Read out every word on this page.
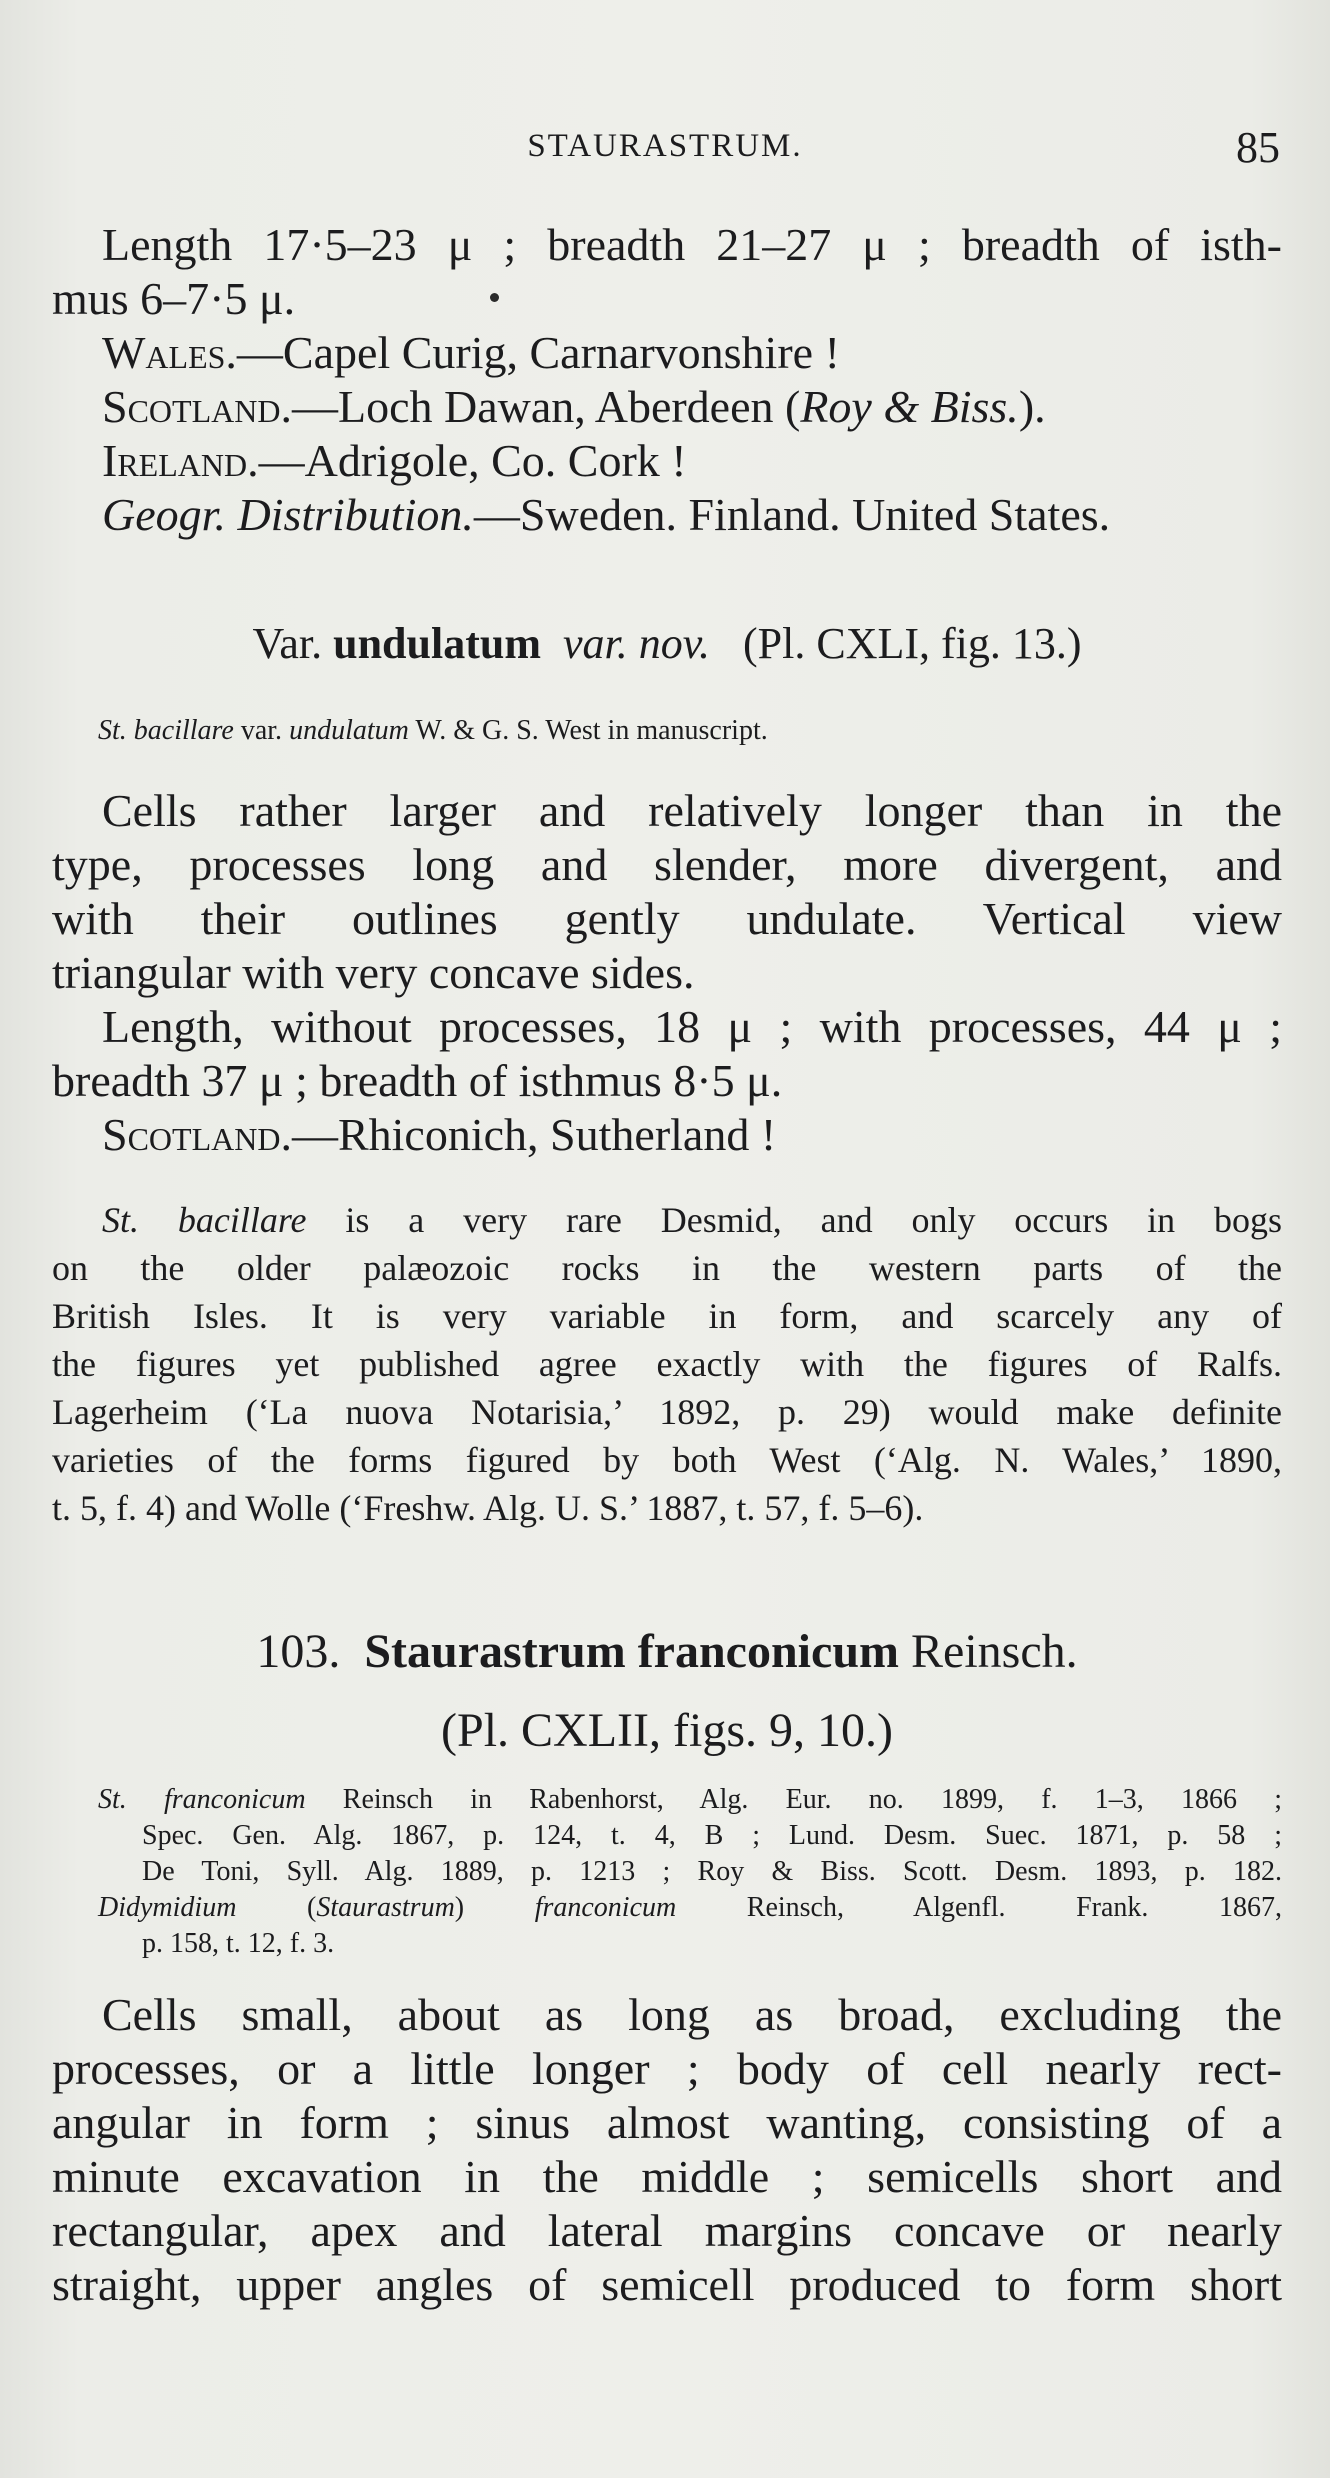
STAURASTRUM.	85
Length 17·5–23 μ ; breadth 21–27 μ ; breadth of isth-
mus 6–7·5 μ.
Wales.—Capel Curig, Carnarvonshire !
Scotland.—Loch Dawan, Aberdeen (Roy & Biss.).
Ireland.—Adrigole, Co. Cork !
Geogr. Distribution.—Sweden. Finland. United States.
Var. undulatum var. nov. (Pl. CXLI, fig. 13.)
St. bacillare var. undulatum W. & G. S. West in manuscript.
Cells rather larger and relatively longer than in the
type, processes long and slender, more divergent, and
with their outlines gently undulate. Vertical view
triangular with very concave sides.
Length, without processes, 18 μ ; with processes, 44 μ ;
breadth 37 μ ; breadth of isthmus 8·5 μ.
Scotland.—Rhiconich, Sutherland !
St. bacillare is a very rare Desmid, and only occurs in bogs
on the older palæozoic rocks in the western parts of the
British Isles. It is very variable in form, and scarcely any of
the figures yet published agree exactly with the figures of Ralfs.
Lagerheim (‘La nuova Notarisia,’ 1892, p. 29) would make definite
varieties of the forms figured by both West (‘Alg. N. Wales,’ 1890,
t. 5, f. 4) and Wolle (‘Freshw. Alg. U. S.’ 1887, t. 57, f. 5–6).
103. Staurastrum franconicum Reinsch.
(Pl. CXLII, figs. 9, 10.)
St. franconicum Reinsch in Rabenhorst, Alg. Eur. no. 1899, f. 1–3, 1866 ;
Spec. Gen. Alg. 1867, p. 124, t. 4, B ; Lund. Desm. Suec. 1871, p. 58 ;
De Toni, Syll. Alg. 1889, p. 1213 ; Roy & Biss. Scott. Desm. 1893, p. 182.
Didymidium (Staurastrum) franconicum Reinsch, Algenfl. Frank. 1867,
p. 158, t. 12, f. 3.
Cells small, about as long as broad, excluding the
processes, or a little longer ; body of cell nearly rect-
angular in form ; sinus almost wanting, consisting of a
minute excavation in the middle ; semicells short and
rectangular, apex and lateral margins concave or nearly
straight, upper angles of semicell produced to form short
